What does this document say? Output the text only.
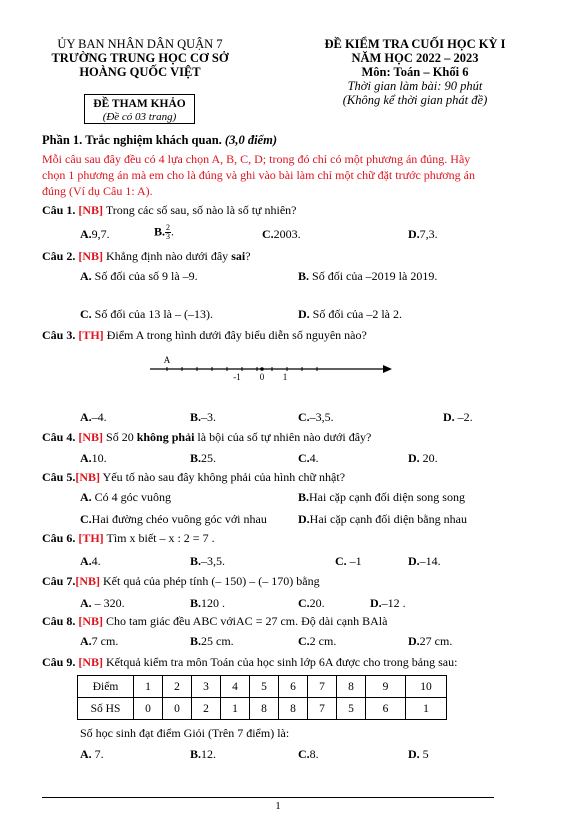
ỦY BAN NHÂN DÂN QUẬN 7
TRƯỜNG TRUNG HỌC CƠ SỞ
HOÀNG QUỐC VIỆT
ĐỀ KIỂM TRA CUỐI HỌC KỲ I
NĂM HỌC 2022 – 2023
Môn: Toán – Khối 6
Thời gian làm bài: 90 phút
(Không kể thời gian phát đề)
ĐỀ THAM KHẢO
(Đề có 03 trang)
Phần 1. Trắc nghiệm khách quan. (3,0 điểm)
Mỗi câu sau đây đều có 4 lựa chọn A, B, C, D; trong đó chỉ có một phương án đúng. Hãy
chọn 1 phương án mà em cho là đúng và ghi vào bài làm chỉ một chữ đặt trước phương án
đúng (Ví dụ Câu 1: A).
Câu 1. [NB] Trong các số sau, số nào là số tự nhiên?
A.9,7.	B. $\frac{2}{3}$ .	C.2003.	D.7,3.
Câu 2. [NB] Khẳng định nào dưới đây sai?
A. Số đối của số 9 là –9.	B. Số đối của –2019 là 2019.
C. Số đối của 13 là – (–13).	D. Số đối của –2 là 2.
Câu 3. [TH] Điểm A trong hình dưới đây biểu diễn số nguyên nào?
A
-1 0 1
A.–4.	B.–3.	C.–3,5.	D. –2.
Câu 4. [NB] Số 20 không phải là bội của số tự nhiên nào dưới đây?
A.10.	B.25.	C.4.	D. 20.
Câu 5.[NB] Yếu tố nào sau đây không phải của hình chữ nhật?
A. Có 4 góc vuông	B.Hai cặp cạnh đối diện song song
C.Hai đường chéo vuông góc với nhau	D.Hai cặp cạnh đối diện bằng nhau
Câu 6. [TH] Tìm x biết – x : 2 = 7 .
A.4.	B.–3,5.	C. –1	D.–14.
Câu 7.[NB] Kết quả của phép tính (– 150) – (– 170) bằng
A. – 320.	B.120 .	C.20.	D.–12 .
Câu 8. [NB] Cho tam giác đều ABC vớiAC = 27 cm. Độ dài cạnh BAlà
A.7 cm.	B.25 cm.	C.2 cm.	D.27 cm.
Câu 9. [NB] Kếtquả kiểm tra môn Toán của học sinh lớp 6A được cho trong bảng sau:
Điểm	1	2	3	4	5	6	7	8	9	10
Số HS	0	0	2	1	8	8	7	5	6	1
Số học sinh đạt điểm Giỏi (Trên 7 điểm) là:
A. 7.	B.12.	C.8.	D. 5
1
